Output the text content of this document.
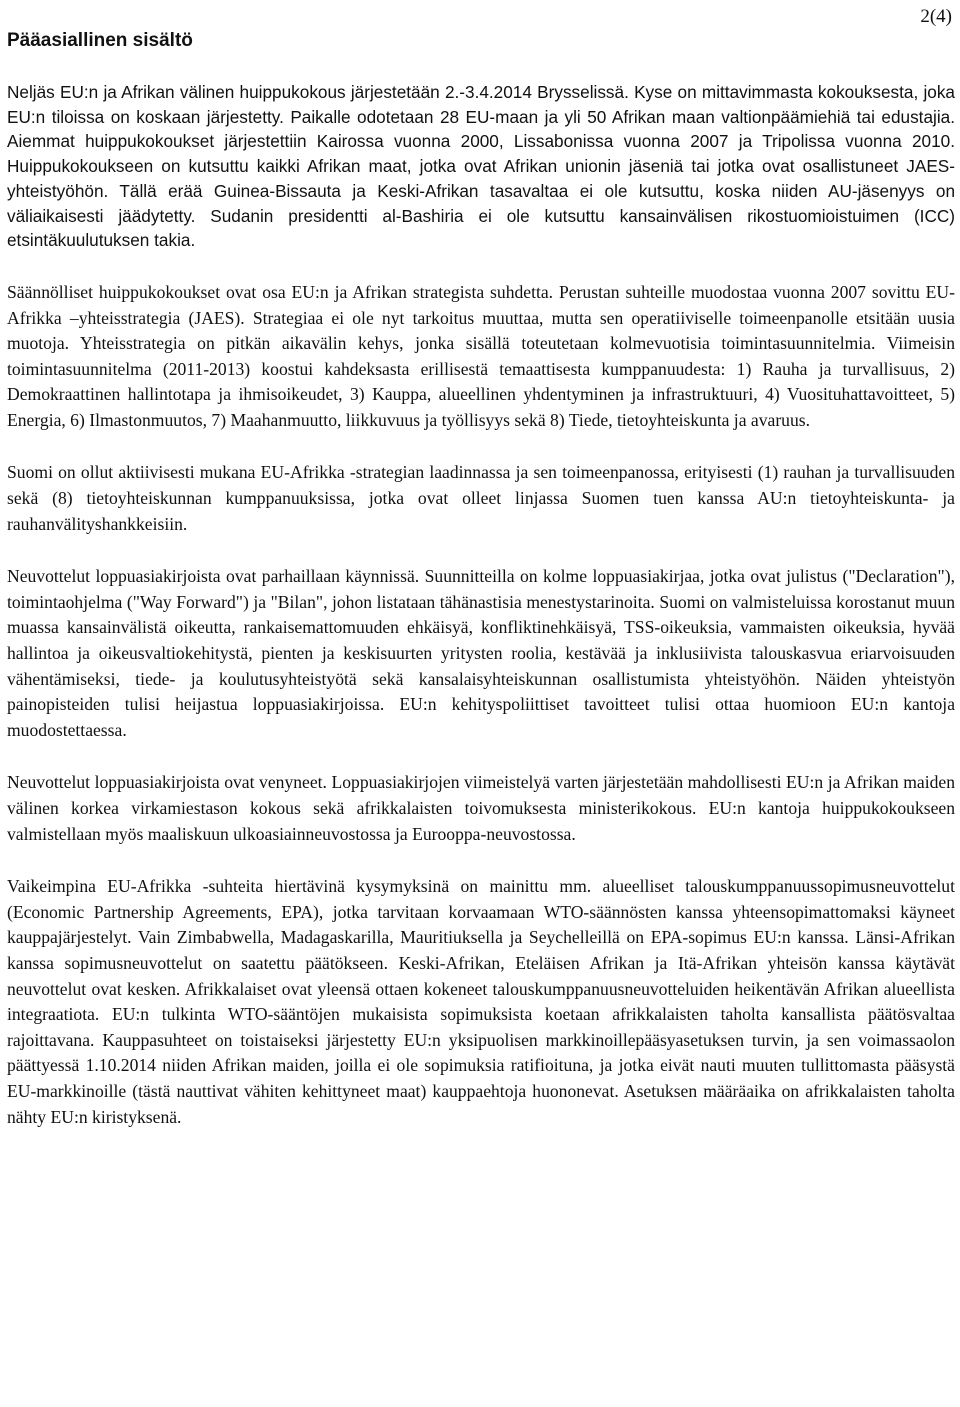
2(4)
Pääasiallinen sisältö

Neljäs EU:n ja Afrikan välinen huippukokous järjestetään 2.-3.4.2014 Brysselissä. Kyse on mittavimmasta kokouksesta, joka EU:n tiloissa on koskaan järjestetty. Paikalle odotetaan 28 EU-maan ja yli 50 Afrikan maan valtionpäämiehiä tai edustajia. Aiemmat huippukokoukset järjestettiin Kairossa vuonna 2000, Lissabonissa vuonna 2007 ja Tripolissa vuonna 2010. Huippukokoukseen on kutsuttu kaikki Afrikan maat, jotka ovat Afrikan unionin jäseniä tai jotka ovat osallistuneet JAES-yhteistyöhön. Tällä erää Guinea-Bissauta ja Keski-Afrikan tasavaltaa ei ole kutsuttu, koska niiden AU-jäsenyys on väliaikaisesti jäädytetty. Sudanin presidentti al-Bashiria ei ole kutsuttu kansainvälisen rikostuomioistuimen (ICC) etsintäkuulutuksen takia.

Säännölliset huippukokoukset ovat osa EU:n ja Afrikan strategista suhdetta. Perustan suhteille muodostaa vuonna 2007 sovittu EU- Afrikka –yhteisstrategia (JAES). Strategiaa ei ole nyt tarkoitus muuttaa, mutta sen operatiiviselle toimeenpanolle etsitään uusia muotoja. Yhteisstrategia on pitkän aikavälin kehys, jonka sisällä toteutetaan kolmevuotisia toimintasuunnitelmia. Viimeisin toimintasuunnitelma (2011-2013) koostui kahdeksasta erillisestä temaattisesta kumppanuudesta: 1) Rauha ja turvallisuus, 2) Demokraattinen hallintotapa ja ihmisoikeudet, 3) Kauppa, alueellinen yhdentyminen ja infrastruktuuri, 4) Vuosituhattavoitteet, 5) Energia, 6) Ilmastonmuutos, 7) Maahanmuutto, liikkuvuus ja työllisyys sekä 8) Tiede, tietoyhteiskunta ja avaruus.

Suomi on ollut aktiivisesti mukana EU-Afrikka -strategian laadinnassa ja sen toimeenpanossa, erityisesti (1) rauhan ja turvallisuuden sekä (8) tietoyhteiskunnan kumppanuuksissa, jotka ovat olleet linjassa Suomen tuen kanssa AU:n tietoyhteiskunta- ja rauhanvälityshankkeisiin.

Neuvottelut loppuasiakirjoista ovat parhaillaan käynnissä. Suunnitteilla on kolme loppuasiakirjaa, jotka ovat julistus ("Declaration"), toimintaohjelma ("Way Forward") ja "Bilan", johon listataan tähänastisia menestystarinoita. Suomi on valmisteluissa korostanut muun muassa kansainvälistä oikeutta, rankaisemattomuuden ehkäisyä, konfliktinehkäisyä, TSS-oikeuksia, vammaisten oikeuksia, hyvää hallintoa ja oikeusvaltiokehitystä, pienten ja keskisuurten yritysten roolia, kestävää ja inklusiivista talouskasvua eriarvoisuuden vähentämiseksi, tiede- ja koulutusyhteistyötä sekä kansalaisyhteiskunnan osallistumista yhteistyöhön. Näiden yhteistyön painopisteiden tulisi heijastua loppuasiakirjoissa. EU:n kehityspoliittiset tavoitteet tulisi ottaa huomioon EU:n kantoja muodostettaessa.

Neuvottelut loppuasiakirjoista ovat venyneet. Loppuasiakirjojen viimeistelyä varten järjestetään mahdollisesti EU:n ja Afrikan maiden välinen korkea virkamiestason kokous sekä afrikkalaisten toivomuksesta ministerikokous. EU:n kantoja huippukokoukseen valmistellaan myös maaliskuun ulkoasiainneuvostossa ja Eurooppa-neuvostossa.

Vaikeimpina EU-Afrikka -suhteita hiertävinä kysymyksinä on mainittu mm. alueelliset talouskumppanuussopimusneuvottelut (Economic Partnership Agreements, EPA), jotka tarvitaan korvaamaan WTO-säännösten kanssa yhteensopimattomaksi käyneet kauppajärjestelyt. Vain Zimbabwella, Madagaskarilla, Mauritiuksella ja Seychelleillä on EPA-sopimus EU:n kanssa. Länsi-Afrikan kanssa sopimusneuvottelut on saatettu päätökseen. Keski-Afrikan, Eteläisen Afrikan ja Itä-Afrikan yhteisön kanssa käytävät neuvottelut ovat kesken. Afrikkalaiset ovat yleensä ottaen kokeneet talouskumppanuusneuvotteluiden heikentävän Afrikan alueellista integraatiota. EU:n tulkinta WTO-sääntöjen mukaisista sopimuksista koetaan afrikkalaisten taholta kansallista päätösvaltaa rajoittavana. Kauppasuhteet on toistaiseksi järjestetty EU:n yksipuolisen markkinoillepääsyasetuksen turvin, ja sen voimassaolon päättyessä 1.10.2014 niiden Afrikan maiden, joilla ei ole sopimuksia ratifioituna, ja jotka eivät nauti muuten tullittomasta pääsystä EU-markkinoille (tästä nauttivat vähiten kehittyneet maat) kauppaehtoja huononevat. Asetuksen määräaika on afrikkalaisten taholta nähty EU:n kiristyksenä.
